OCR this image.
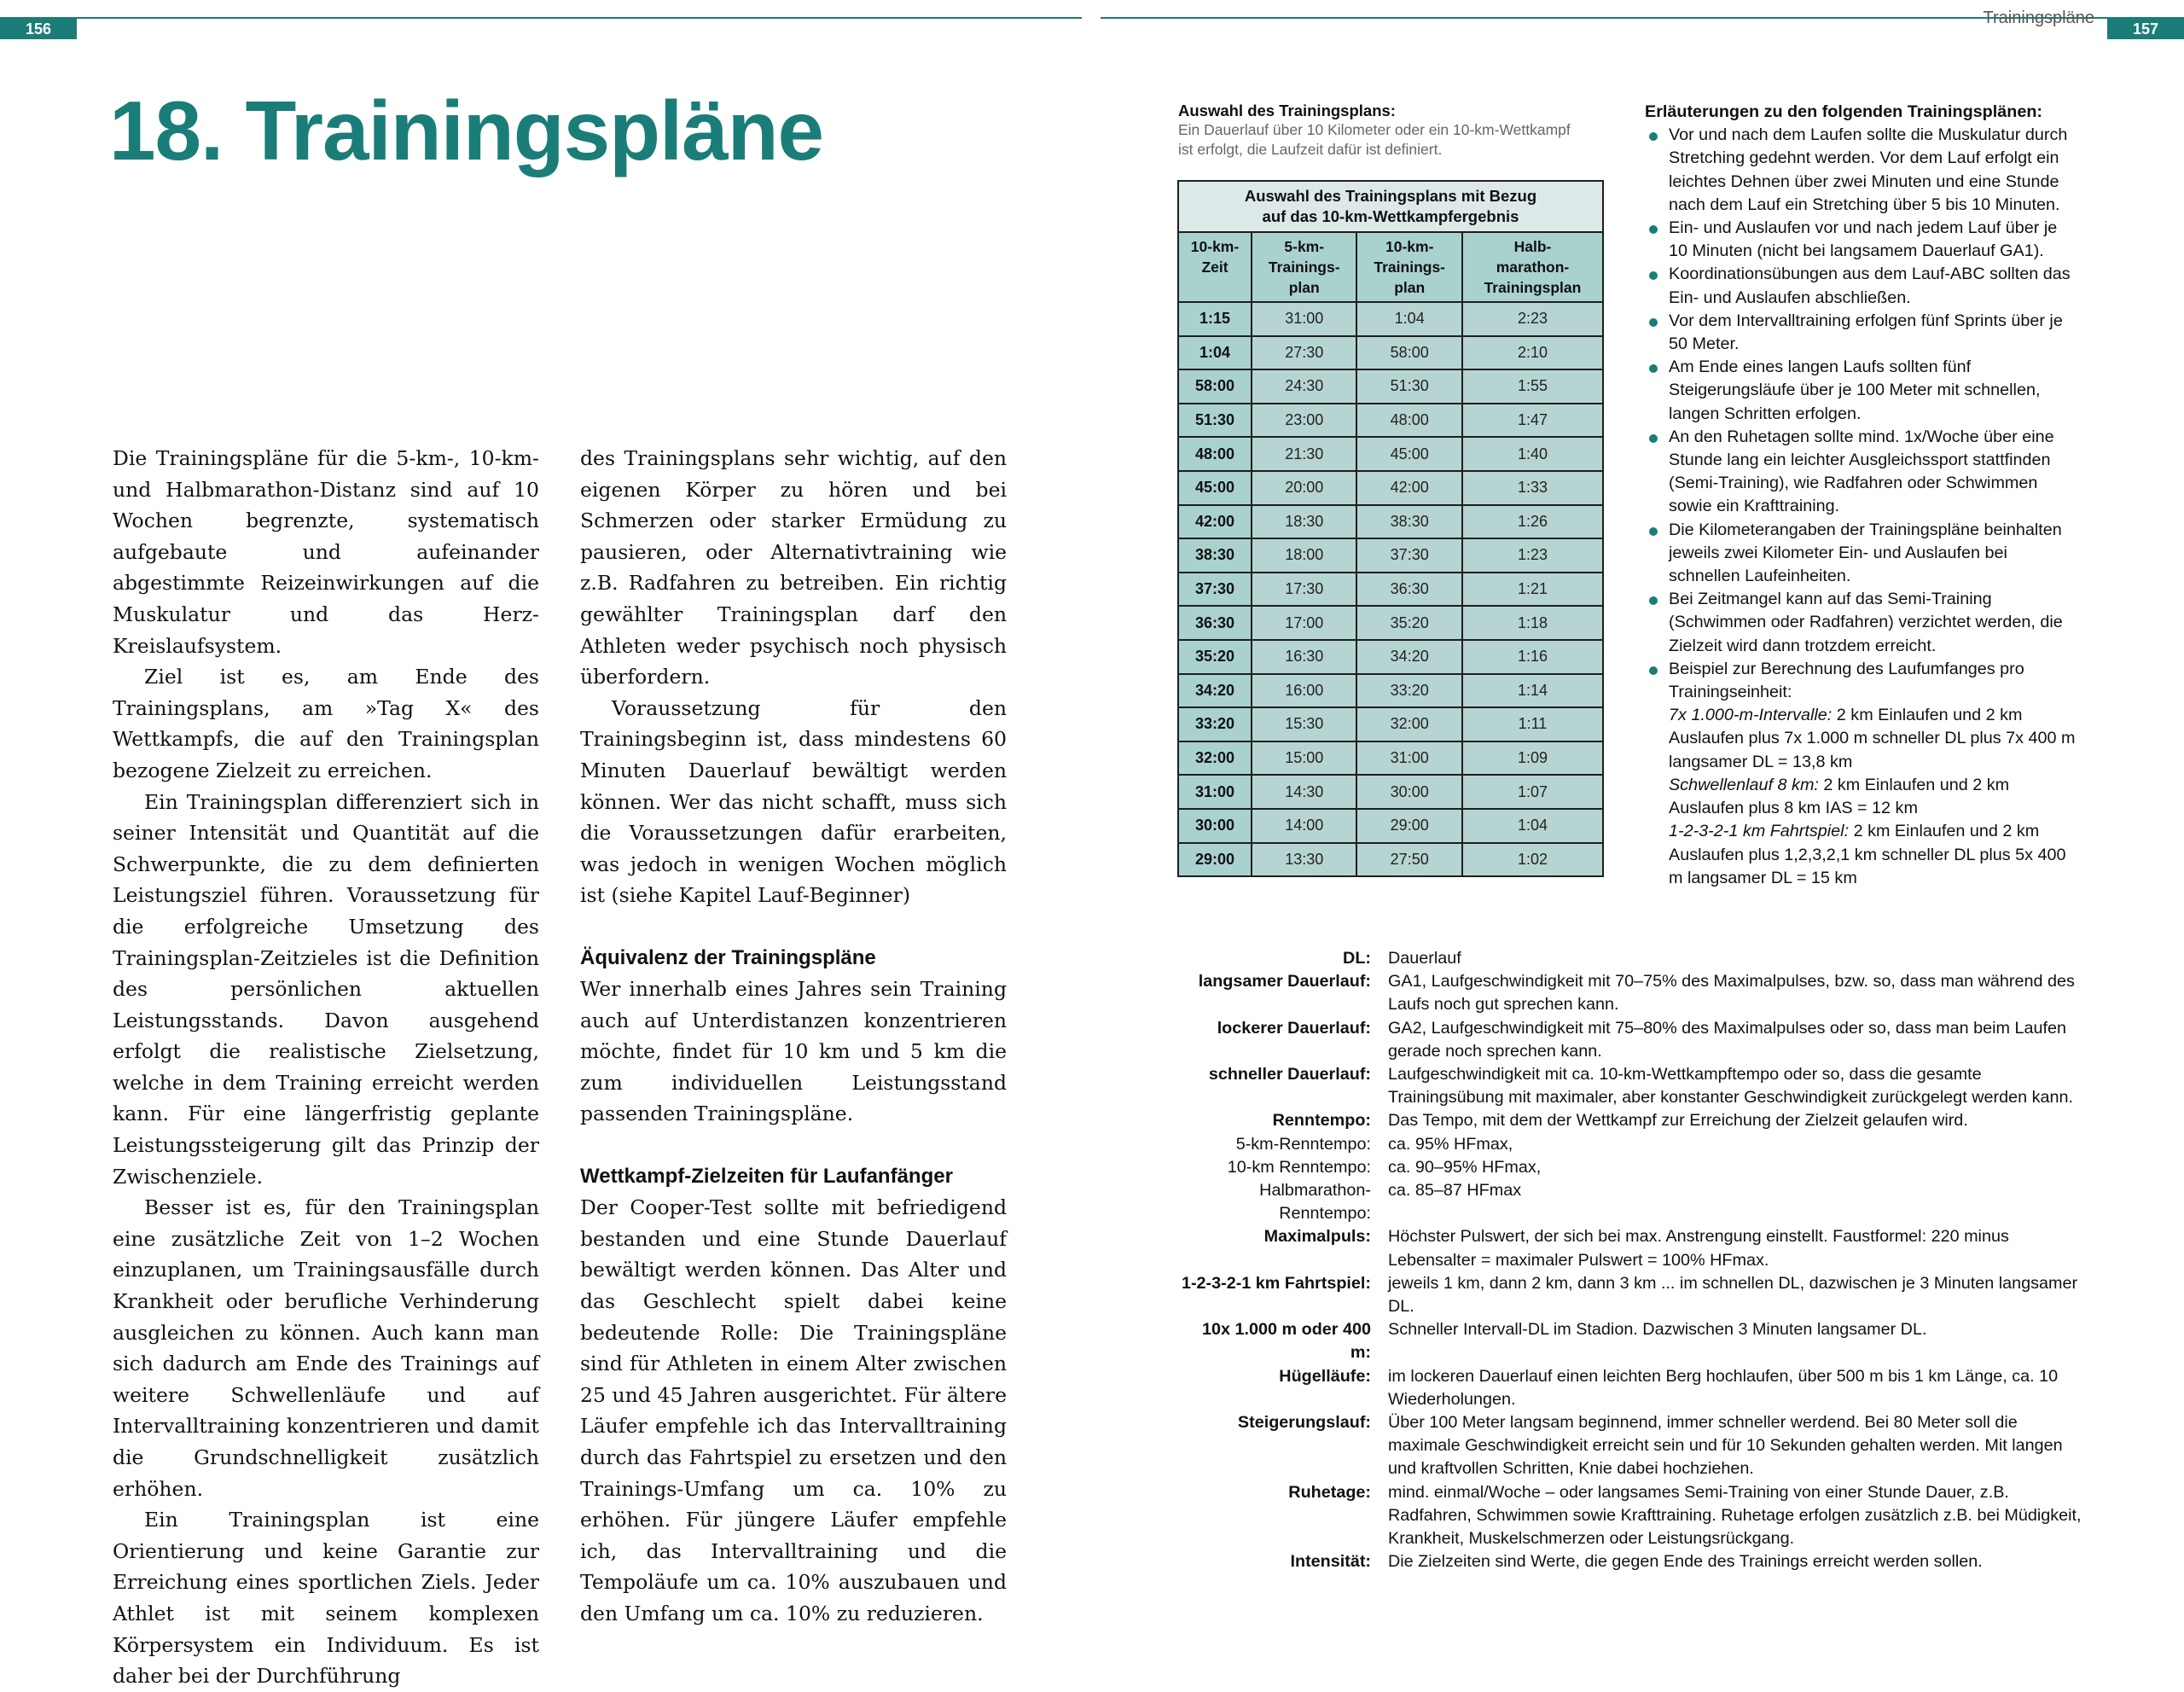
156
Trainingspläne
157
18. Trainingspläne

Die Trainingspläne für die 5-km-, 10-km- und Halbmarathon-Distanz sind auf 10 Wochen begrenzte, systematisch aufgebaute und aufeinander abgestimmte Reizeinwirkungen auf die Muskulatur und das Herz-Kreislaufsystem.

Ziel ist es, am Ende des Trainingsplans, am »Tag X« des Wettkampfs, die auf den Trainingsplan bezogene Zielzeit zu erreichen.

Ein Trainingsplan differenziert sich in seiner Intensität und Quantität auf die Schwerpunkte, die zu dem definierten Leistungsziel führen. Voraussetzung für die erfolgreiche Umsetzung des Trainingsplan-Zeitzieles ist die Definition des persönlichen aktuellen Leistungsstands. Davon ausgehend erfolgt die realistische Zielsetzung, welche in dem Training erreicht werden kann. Für eine längerfristig geplante Leistungssteigerung gilt das Prinzip der Zwischenziele.

Besser ist es, für den Trainingsplan eine zusätzliche Zeit von 1–2 Wochen einzuplanen, um Trainingsausfälle durch Krankheit oder berufliche Verhinderung ausgleichen zu können. Auch kann man sich dadurch am Ende des Trainings auf weitere Schwellenläufe und auf Intervalltraining konzentrieren und damit die Grundschnelligkeit zusätzlich erhöhen.

Ein Trainingsplan ist eine Orientierung und keine Garantie zur Erreichung eines sportlichen Ziels. Jeder Athlet ist mit seinem komplexen Körpersystem ein Individuum. Es ist daher bei der Durchführung

des Trainingsplans sehr wichtig, auf den eigenen Körper zu hören und bei Schmerzen oder starker Ermüdung zu pausieren, oder Alternativtraining wie z.B. Radfahren zu betreiben. Ein richtig gewählter Trainingsplan darf den Athleten weder psychisch noch physisch überfordern.

Voraussetzung für den Trainingsbeginn ist, dass mindestens 60 Minuten Dauerlauf bewältigt werden können. Wer das nicht schafft, muss sich die Voraussetzungen dafür erarbeiten, was jedoch in wenigen Wochen möglich ist (siehe Kapitel Lauf-Beginner)

Äquivalenz der Trainingspläne

Wer innerhalb eines Jahres sein Training auch auf Unterdistanzen konzentrieren möchte, findet für 10 km und 5 km die zum individuellen Leistungsstand passenden Trainingspläne.

Wettkampf-Zielzeiten für Laufanfänger

Der Cooper-Test sollte mit befriedigend bestanden und eine Stunde Dauerlauf bewältigt werden können. Das Alter und das Geschlecht spielt dabei keine bedeutende Rolle: Die Trainingspläne sind für Athleten in einem Alter zwischen 25 und 45 Jahren ausgerichtet. Für ältere Läufer empfehle ich das Intervalltraining durch das Fahrtspiel zu ersetzen und den Trainings-Umfang um ca. 10% zu erhöhen. Für jüngere Läufer empfehle ich, das Intervalltraining und die Tempoläufe um ca. 10% auszubauen und den Umfang um ca. 10% zu reduzieren.

Auswahl des Trainingsplans:
Ein Dauerlauf über 10 Kilometer oder ein 10-km-Wettkampf ist erfolgt, die Laufzeit dafür ist definiert.
Auswahl des Trainingsplans mit Bezug
auf das 10-km-Wettkampfergebnis			
10-km-
Zeit	5-km-
Trainings-
plan	10-km-
Trainings-
plan	Halb-
marathon-
Trainingsplan
1:15	31:00	1:04	2:23
1:04	27:30	58:00	2:10
58:00	24:30	51:30	1:55
51:30	23:00	48:00	1:47
48:00	21:30	45:00	1:40
45:00	20:00	42:00	1:33
42:00	18:30	38:30	1:26
38:30	18:00	37:30	1:23
37:30	17:30	36:30	1:21
36:30	17:00	35:20	1:18
35:20	16:30	34:20	1:16
34:20	16:00	33:20	1:14
33:20	15:30	32:00	1:11
32:00	15:00	31:00	1:09
31:00	14:30	30:00	1:07
30:00	14:00	29:00	1:04
29:00	13:30	27:50	1:02
Erläuterungen zu den folgenden Trainingsplänen:
Vor und nach dem Laufen sollte die Muskulatur durch Stretching gedehnt werden. Vor dem Lauf erfolgt ein leichtes Dehnen über zwei Minuten und eine Stunde nach dem Lauf ein Stretching über 5 bis 10 Minuten.
Ein- und Auslaufen vor und nach jedem Lauf über je 10 Minuten (nicht bei langsamem Dauerlauf GA1).
Koordinationsübungen aus dem Lauf-ABC sollten das Ein- und Auslaufen abschließen.
Vor dem Intervalltraining erfolgen fünf Sprints über je 50 Meter.
Am Ende eines langen Laufs sollten fünf Steigerungsläufe über je 100 Meter mit schnellen, langen Schritten erfolgen.
An den Ruhetagen sollte mind. 1x/Woche über eine Stunde lang ein leichter Ausgleichssport stattfinden (Semi-Training), wie Radfahren oder Schwimmen sowie ein Krafttraining.
Die Kilometerangaben der Trainingspläne beinhalten jeweils zwei Kilometer Ein- und Auslaufen bei schnellen Laufeinheiten.
Bei Zeitmangel kann auf das Semi-Training (Schwimmen oder Radfahren) verzichtet werden, die Zielzeit wird dann trotzdem erreicht.
Beispiel zur Berechnung des Laufumfanges pro Trainingseinheit:
7x 1.000-m-Intervalle: 2 km Einlaufen und 2 km Auslaufen plus 7x 1.000 m schneller DL plus 7x 400 m langsamer DL = 13,8 km
Schwellenlauf 8 km: 2 km Einlaufen und 2 km Auslaufen plus 8 km IAS = 12 km
1-2-3-2-1 km Fahrtspiel: 2 km Einlaufen und 2 km Auslaufen plus 1,2,3,2,1 km schneller DL plus 5x 400 m langsamer DL = 15 km
DL:	Dauerlauf
langsamer Dauerlauf:	GA1, Laufgeschwindigkeit mit 70–75% des Maximalpulses, bzw. so, dass man während des Laufs noch gut sprechen kann.
lockerer Dauerlauf:	GA2, Laufgeschwindigkeit mit 75–80% des Maximalpulses oder so, dass man beim Laufen gerade noch sprechen kann.
schneller Dauerlauf:	Laufgeschwindigkeit mit ca. 10-km-Wettkampftempo oder so, dass die gesamte Trainingsübung mit maximaler, aber konstanter Geschwindigkeit zurückgelegt werden kann.
Renntempo:	Das Tempo, mit dem der Wettkampf zur Erreichung der Zielzeit gelaufen wird.
5-km-Renntempo:	ca. 95% HFmax,
10-km Renntempo:	ca. 90–95% HFmax,
Halbmarathon-Renntempo:
ca. 85–87 HFmax
Maximalpuls:	Höchster Pulswert, der sich bei max. Anstrengung einstellt. Faustformel: 220 minus Lebensalter = maximaler Pulswert = 100% HFmax.
1-2-3-2-1 km Fahrtspiel:	jeweils 1 km, dann 2 km, dann 3 km ... im schnellen DL, dazwischen je 3 Minuten langsamer DL.
10x 1.000 m oder 400 m:
Schneller Intervall-DL im Stadion. Dazwischen 3 Minuten langsamer DL.
Hügelläufe:	im lockeren Dauerlauf einen leichten Berg hochlaufen, über 500 m bis 1 km Länge, ca. 10 Wiederholungen.
Steigerungslauf:	Über 100 Meter langsam beginnend, immer schneller werdend. Bei 80 Meter soll die maximale Geschwindigkeit erreicht sein und für 10 Sekunden gehalten werden. Mit langen und kraftvollen Schritten, Knie dabei hochziehen.
Ruhetage:	mind. einmal/Woche – oder langsames Semi-Training von einer Stunde Dauer, z.B. Radfahren, Schwimmen sowie Krafttraining. Ruhetage erfolgen zusätzlich z.B. bei Müdigkeit, Krankheit, Muskelschmerzen oder Leistungsrückgang.
Intensität:	Die Zielzeiten sind Werte, die gegen Ende des Trainings erreicht werden sollen.
